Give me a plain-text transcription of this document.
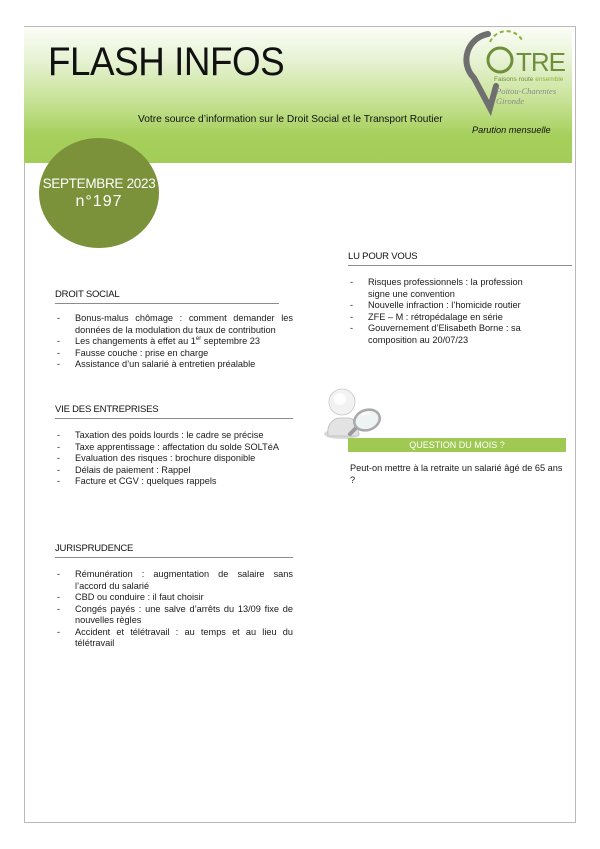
FLASH INFOS	TRE
Faisons route ensemble
Poitou-Charentes
Gironde
Votre source d’information sur le Droit Social et le Transport Routier
Parution mensuelle
SEPTEMBRE 2023
n°197
DROIT SOCIAL
- Bonus-malus chômage : comment demander les données de la modulation du taux de contribution
- Les changements à effet au 1er septembre 23
- Fausse couche : prise en charge
- Assistance d’un salarié à entretien préalable
VIE DES ENTREPRISES
- Taxation des poids lourds : le cadre se précise
- Taxe apprentissage : affectation du solde SOLTéA
- Evaluation des risques : brochure disponible
- Délais de paiement : Rappel
- Facture et CGV : quelques rappels
JURISPRUDENCE
- Rémunération : augmentation de salaire sans l’accord du salarié
- CBD ou conduire : il faut choisir
- Congés payés : une salve d’arrêts du 13/09 fixe de nouvelles règles
- Accident et télétravail : au temps et au lieu du télétravail
LU POUR VOUS
- Risques professionnels : la profession signe une convention
- Nouvelle infraction : l’homicide routier
- ZFE – M : rétropédalage en série
- Gouvernement d’Elisabeth Borne : sa composition au 20/07/23
QUESTION DU MOIS ?
Peut-on mettre à la retraite un salarié âgé de 65 ans ?
